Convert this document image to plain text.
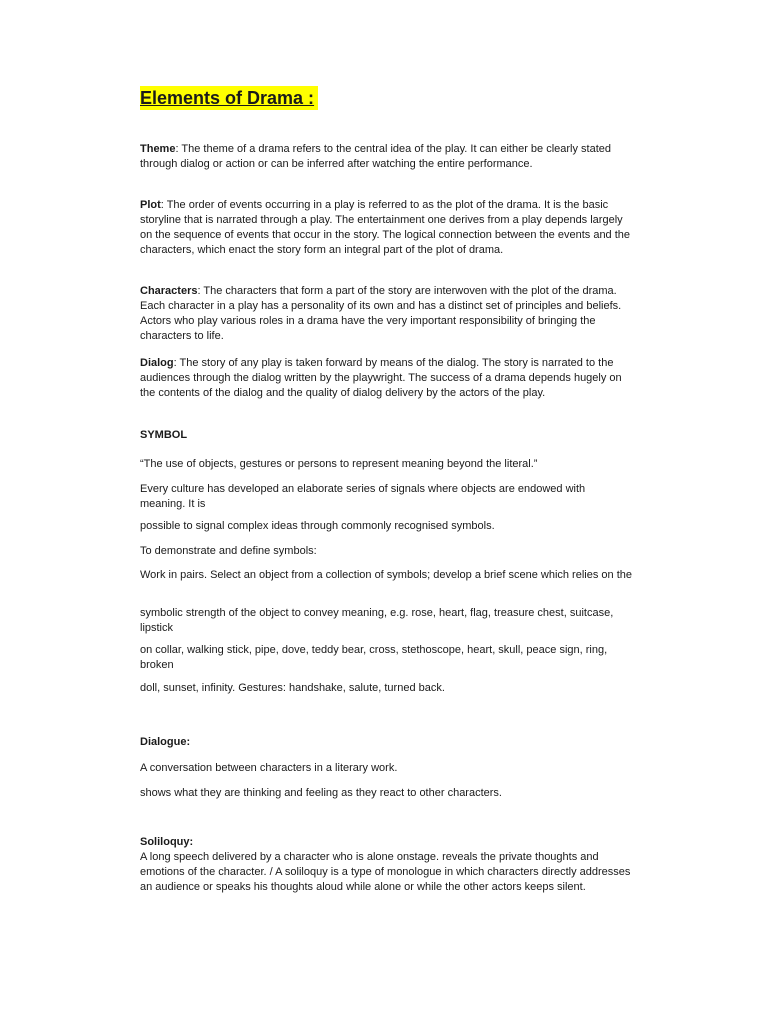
Elements of Drama :

Theme: The theme of a drama refers to the central idea of the play. It can either be clearly stated through dialog or action or can be inferred after watching the entire performance.

Plot: The order of events occurring in a play is referred to as the plot of the drama. It is the basic storyline that is narrated through a play. The entertainment one derives from a play depends largely on the sequence of events that occur in the story. The logical connection between the events and the characters, which enact the story form an integral part of the plot of drama.

Characters: The characters that form a part of the story are interwoven with the plot of the drama. Each character in a play has a personality of its own and has a distinct set of principles and beliefs. Actors who play various roles in a drama have the very important responsibility of bringing the characters to life.

Dialog: The story of any play is taken forward by means of the dialog. The story is narrated to the audiences through the dialog written by the playwright. The success of a drama depends hugely on the contents of the dialog and the quality of dialog delivery by the actors of the play.

SYMBOL

“The use of objects, gestures or persons to represent meaning beyond the literal.”

Every culture has developed an elaborate series of signals where objects are endowed with meaning. It is

possible to signal complex ideas through commonly recognised symbols.

To demonstrate and define symbols:

Work in pairs. Select an object from a collection of symbols; develop a brief scene which relies on the

symbolic strength of the object to convey meaning, e.g. rose, heart, flag, treasure chest, suitcase, lipstick

on collar, walking stick, pipe, dove, teddy bear, cross, stethoscope, heart, skull, peace sign, ring, broken

doll, sunset, infinity. Gestures: handshake, salute, turned back.

Dialogue:

A conversation between characters in a literary work.

shows what they are thinking and feeling as they react to other characters.

Soliloquy:

A long speech delivered by a character who is alone onstage. reveals the private thoughts and emotions of the character. / A soliloquy is a type of monologue in which characters directly addresses an audience or speaks his thoughts aloud while alone or while the other actors keeps silent.
